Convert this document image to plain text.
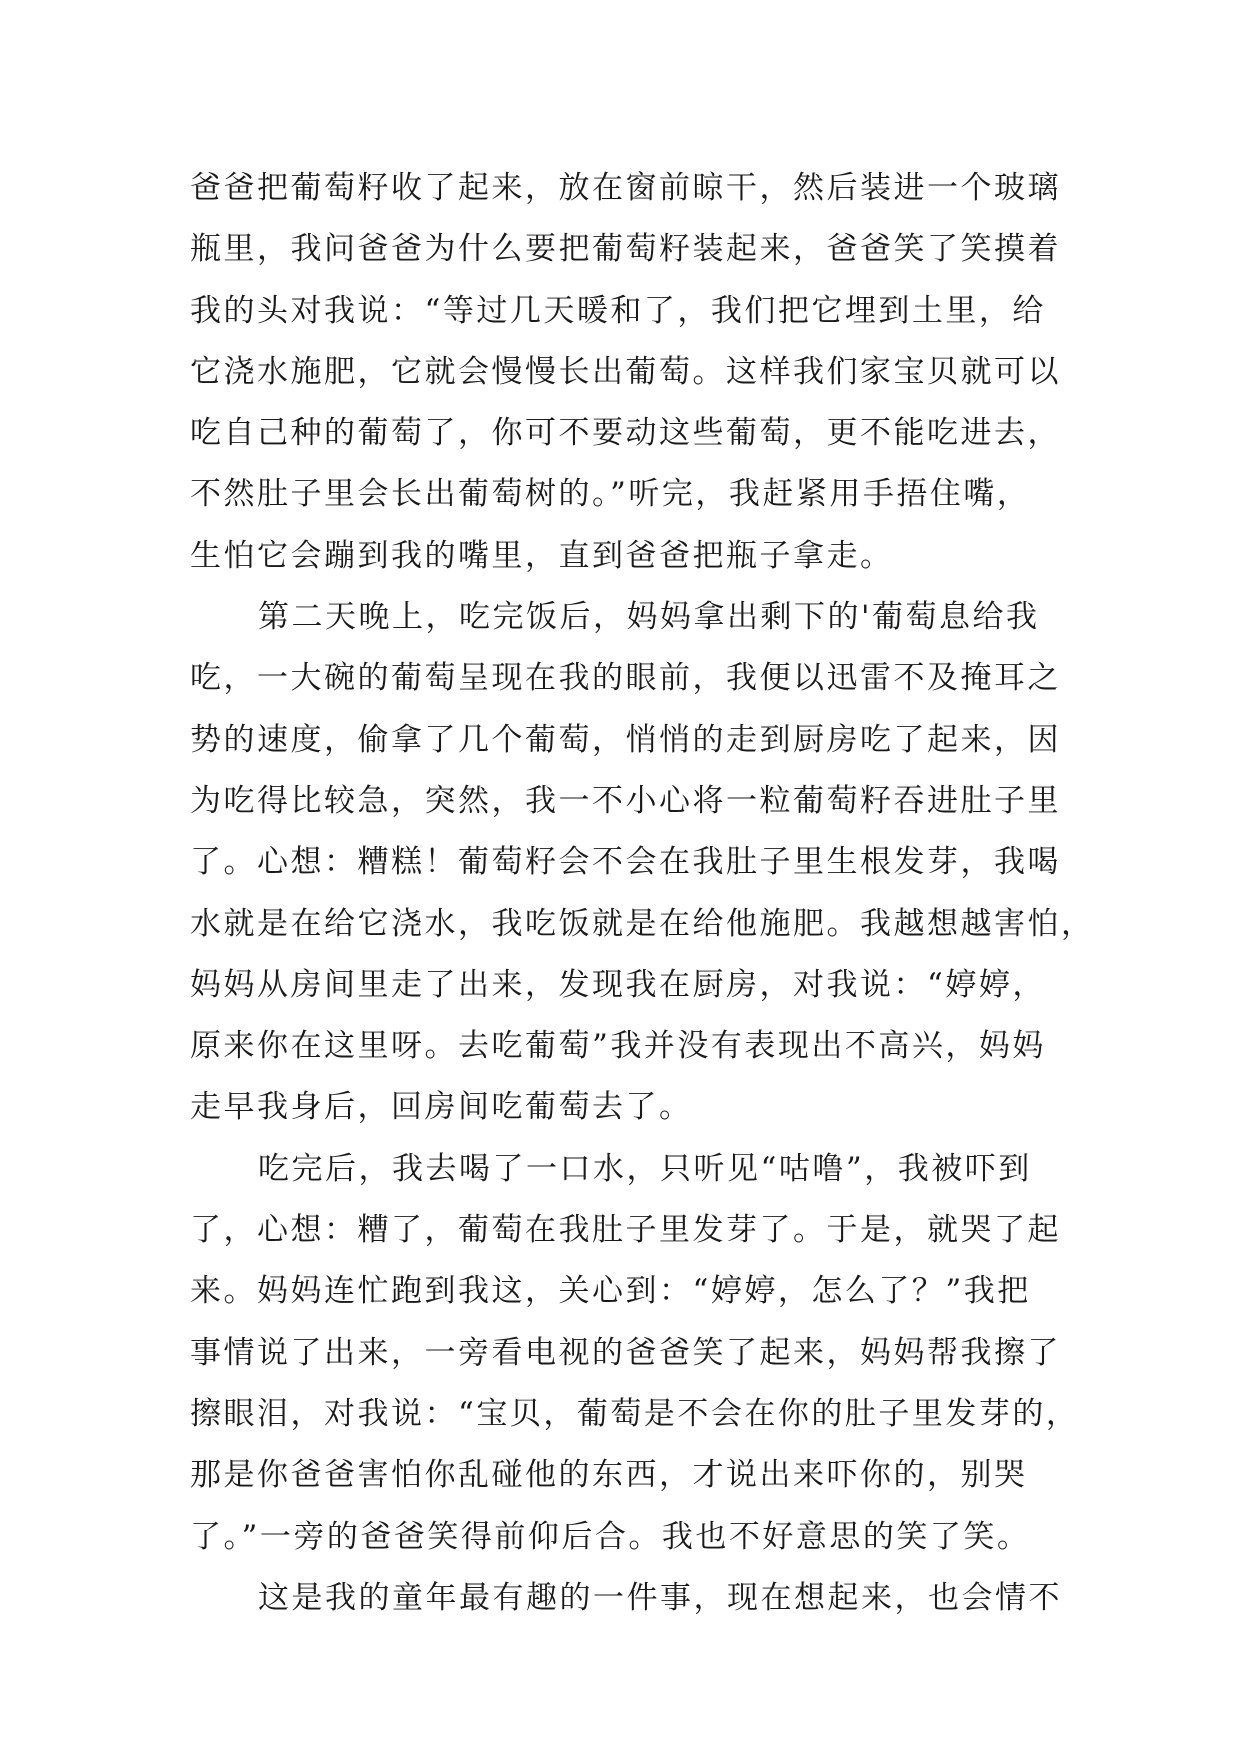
爸爸把葡萄籽收了起来，放在窗前晾干，然后装进一个玻璃
瓶里，我问爸爸为什么要把葡萄籽装起来，爸爸笑了笑摸着
我的头对我说：“等过几天暖和了，我们把它埋到土里，给
它浇水施肥，它就会慢慢长出葡萄。这样我们家宝贝就可以
吃自己种的葡萄了，你可不要动这些葡萄，更不能吃进去，
不然肚子里会长出葡萄树的。”听完，我赶紧用手捂住嘴，
生怕它会蹦到我的嘴里，直到爸爸把瓶子拿走。
第二天晚上，吃完饭后，妈妈拿出剩下的'葡萄息给我
吃，一大碗的葡萄呈现在我的眼前，我便以迅雷不及掩耳之
势的速度，偷拿了几个葡萄，悄悄的走到厨房吃了起来，因
为吃得比较急，突然，我一不小心将一粒葡萄籽吞进肚子里
了。心想：糟糕！葡萄籽会不会在我肚子里生根发芽，我喝
水就是在给它浇水，我吃饭就是在给他施肥。我越想越害怕，
妈妈从房间里走了出来，发现我在厨房，对我说：“婷婷，
原来你在这里呀。去吃葡萄”我并没有表现出不高兴，妈妈
走早我身后，回房间吃葡萄去了。
吃完后，我去喝了一口水，只听见“咕噜”，我被吓到
了，心想：糟了，葡萄在我肚子里发芽了。于是，就哭了起
来。妈妈连忙跑到我这，关心到：“婷婷，怎么了？”我把
事情说了出来，一旁看电视的爸爸笑了起来，妈妈帮我擦了
擦眼泪，对我说：“宝贝，葡萄是不会在你的肚子里发芽的，
那是你爸爸害怕你乱碰他的东西，才说出来吓你的，别哭
了。”一旁的爸爸笑得前仰后合。我也不好意思的笑了笑。
这是我的童年最有趣的一件事，现在想起来，也会情不
